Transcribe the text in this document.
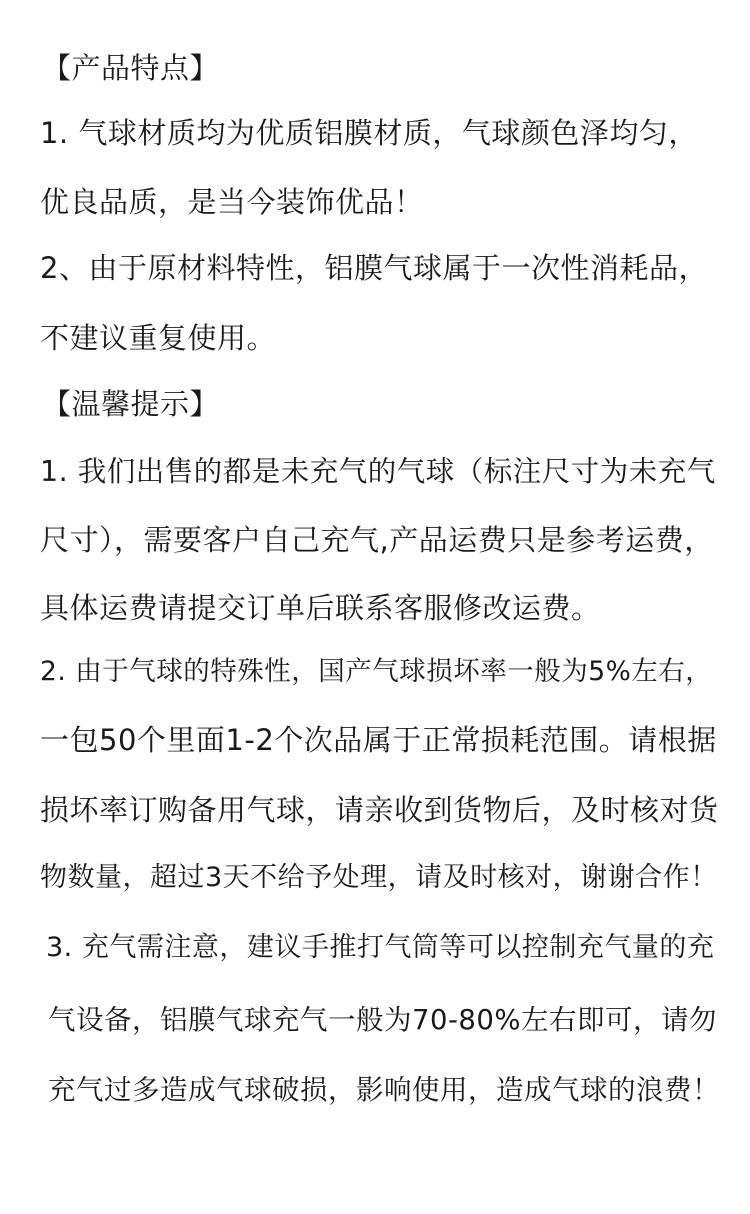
【产品特点】
1. 气球材质均为优质铝膜材质，气球颜色泽均匀，
优良品质，是当今装饰优品！
2、由于原材料特性，铝膜气球属于一次性消耗品，
不建议重复使用。
【温馨提示】
1. 我们出售的都是未充气的气球（标注尺寸为未充气
尺寸），需要客户自己充气,产品运费只是参考运费，
具体运费请提交订单后联系客服修改运费。
2. 由于气球的特殊性，国产气球损坏率一般为5%左右，
一包50个里面1-2个次品属于正常损耗范围。请根据
损坏率订购备用气球，请亲收到货物后，及时核对货
物数量，超过3天不给予处理，请及时核对，谢谢合作！
3. 充气需注意，建议手推打气筒等可以控制充气量的充
气设备，铝膜气球充气一般为70-80%左右即可，请勿
充气过多造成气球破损，影响使用，造成气球的浪费！
